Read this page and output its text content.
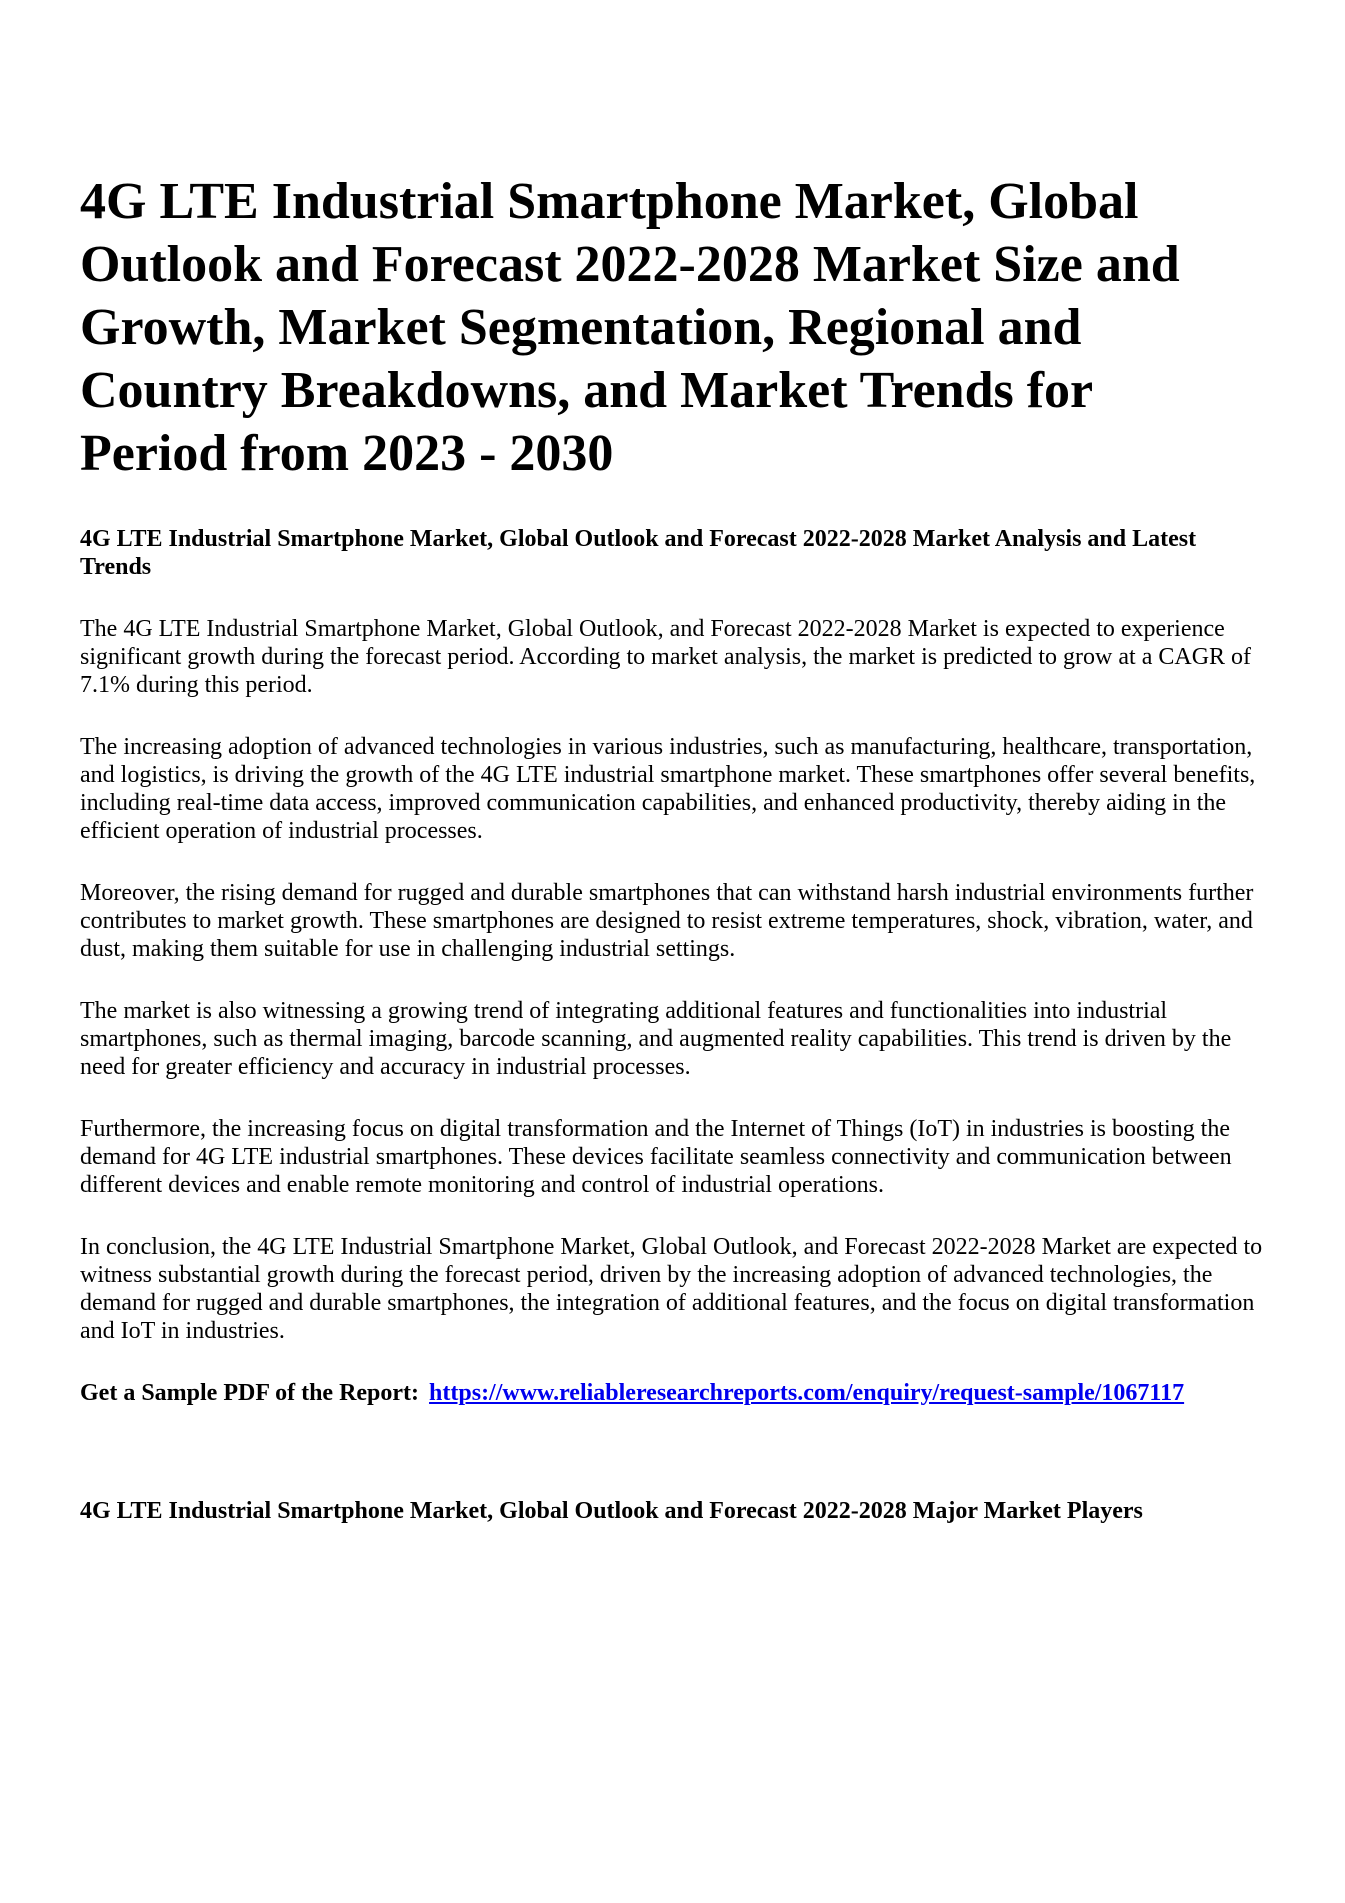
4G LTE Industrial Smartphone Market, Global
Outlook and Forecast 2022-2028 Market Size and
Growth, Market Segmentation, Regional and
Country Breakdowns, and Market Trends for
Period from 2023 - 2030
4G LTE Industrial Smartphone Market, Global Outlook and Forecast 2022-2028 Market Analysis and Latest Trends

The 4G LTE Industrial Smartphone Market, Global Outlook, and Forecast 2022-2028 Market is expected to experience significant growth during the forecast period. According to market analysis, the market is predicted to grow at a CAGR of 7.1% during this period.

The increasing adoption of advanced technologies in various industries, such as manufacturing, healthcare, transportation, and logistics, is driving the growth of the 4G LTE industrial smartphone market. These smartphones offer several benefits, including real-time data access, improved communication capabilities, and enhanced productivity, thereby aiding in the efficient operation of industrial processes.

Moreover, the rising demand for rugged and durable smartphones that can withstand harsh industrial environments further contributes to market growth. These smartphones are designed to resist extreme temperatures, shock, vibration, water, and dust, making them suitable for use in challenging industrial settings.

The market is also witnessing a growing trend of integrating additional features and functionalities into industrial smartphones, such as thermal imaging, barcode scanning, and augmented reality capabilities. This trend is driven by the need for greater efficiency and accuracy in industrial processes.

Furthermore, the increasing focus on digital transformation and the Internet of Things (IoT) in industries is boosting the demand for 4G LTE industrial smartphones. These devices facilitate seamless connectivity and communication between different devices and enable remote monitoring and control of industrial operations.

In conclusion, the 4G LTE Industrial Smartphone Market, Global Outlook, and Forecast 2022-2028 Market are expected to witness substantial growth during the forecast period, driven by the increasing adoption of advanced technologies, the demand for rugged and durable smartphones, the integration of additional features, and the focus on digital transformation and IoT in industries.

Get a Sample PDF of the Report: https://www.reliableresearchreports.com/enquiry/request-sample/1067117

4G LTE Industrial Smartphone Market, Global Outlook and Forecast 2022-2028 Major Market Players
